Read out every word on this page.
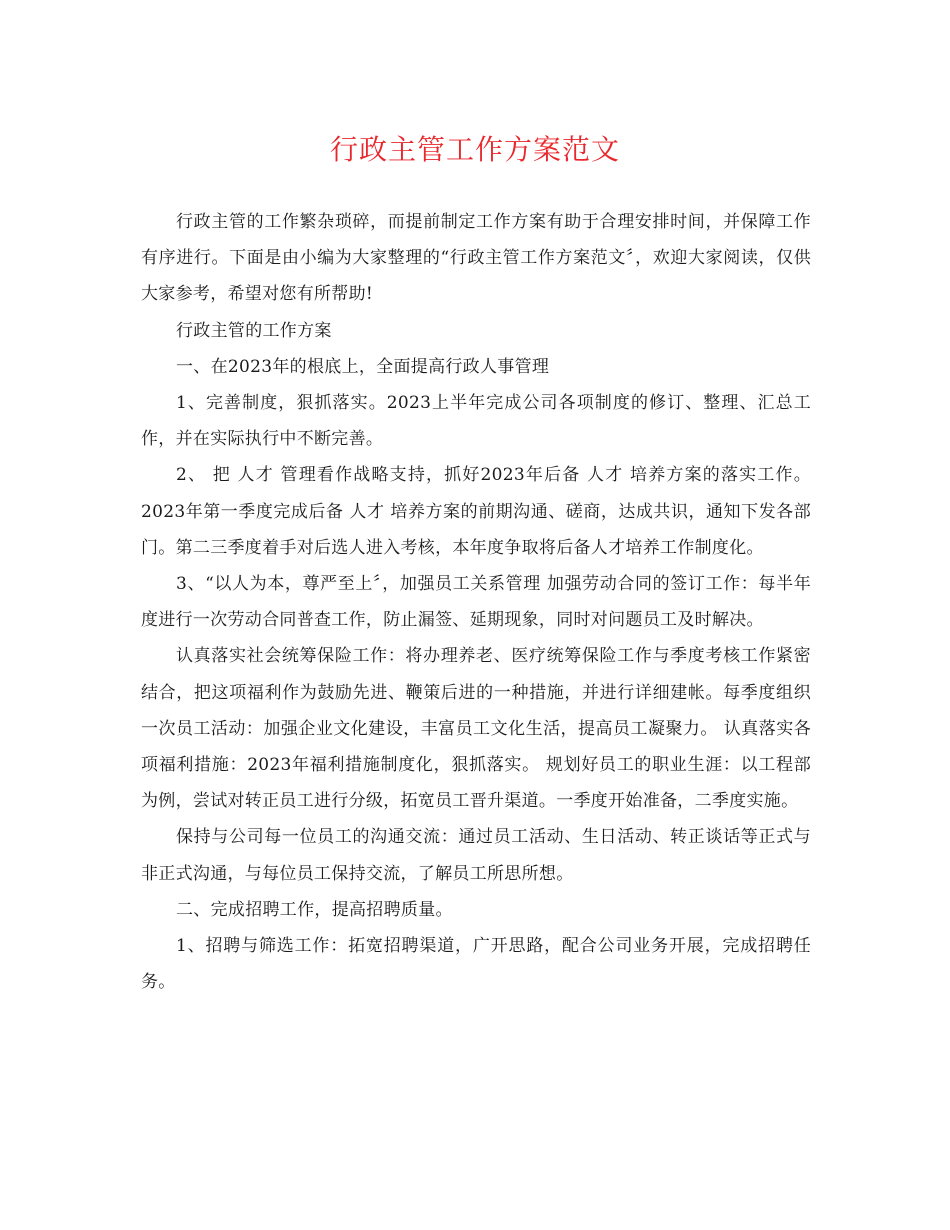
行政主管工作方案范文

行政主管的工作繁杂琐碎，而提前制定工作方案有助于合理安排时间，并保障工作有序进行。下面是由小编为大家整理的“行政主管工作方案范文〞，欢迎大家阅读，仅供大家参考，希望对您有所帮助!

行政主管的工作方案

一、在2023年的根底上，全面提高行政人事管理

1、完善制度，狠抓落实。2023上半年完成公司各项制度的修订、整理、汇总工作，并在实际执行中不断完善。

2、 把 人才 管理看作战略支持，抓好2023年后备 人才 培养方案的落实工作。2023年第一季度完成后备 人才 培养方案的前期沟通、磋商，达成共识，通知下发各部门。第二三季度着手对后选人进入考核，本年度争取将后备人才培养工作制度化。

3、“以人为本，尊严至上〞，加强员工关系管理 加强劳动合同的签订工作：每半年度进行一次劳动合同普查工作，防止漏签、延期现象，同时对问题员工及时解决。

认真落实社会统筹保险工作：将办理养老、医疗统筹保险工作与季度考核工作紧密结合，把这项福利作为鼓励先进、鞭策后进的一种措施，并进行详细建帐。每季度组织一次员工活动：加强企业文化建设，丰富员工文化生活，提高员工凝聚力。 认真落实各项福利措施：2023年福利措施制度化，狠抓落实。 规划好员工的职业生涯：以工程部为例，尝试对转正员工进行分级，拓宽员工晋升渠道。一季度开始准备，二季度实施。

保持与公司每一位员工的沟通交流：通过员工活动、生日活动、转正谈话等正式与非正式沟通，与每位员工保持交流，了解员工所思所想。

二、完成招聘工作，提高招聘质量。

1、招聘与筛选工作：拓宽招聘渠道，广开思路，配合公司业务开展，完成招聘任务。
